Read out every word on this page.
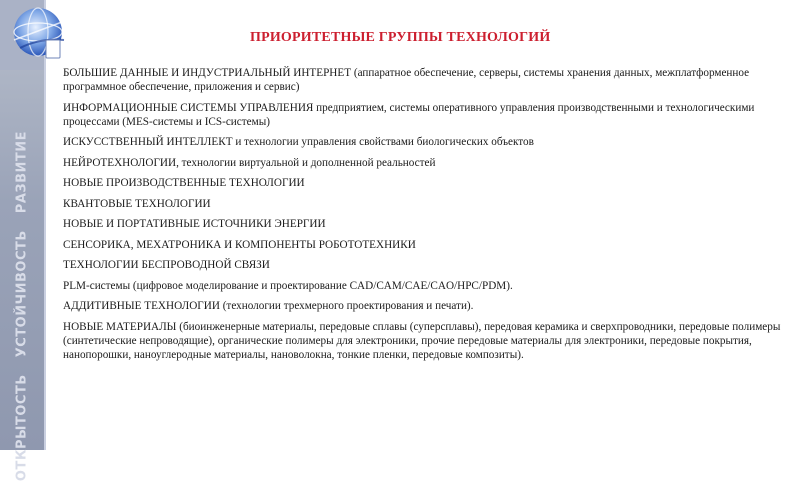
ОТКРЫТОСТЬ УСТОЙЧИВОСТЬ РАЗВИТИЕ
ПРИОРИТЕТНЫЕ ГРУППЫ ТЕХНОЛОГИЙ
БОЛЬШИЕ ДАННЫЕ И ИНДУСТРИАЛЬНЫЙ ИНТЕРНЕТ (аппаратное обеспечение, серверы, системы хранения данных, межплатформенное программное обеспечение, приложения и сервис)
ИНФОРМАЦИОННЫЕ СИСТЕМЫ УПРАВЛЕНИЯ предприятием, системы оперативного управления производственными и технологическими процессами (MES-системы и ICS-системы)
ИСКУССТВЕННЫЙ ИНТЕЛЛЕКТ и технологии управления свойствами биологических объектов
НЕЙРОТЕХНОЛОГИИ, технологии виртуальной и дополненной реальностей
НОВЫЕ ПРОИЗВОДСТВЕННЫЕ ТЕХНОЛОГИИ
КВАНТОВЫЕ ТЕХНОЛОГИИ
НОВЫЕ И ПОРТАТИВНЫЕ ИСТОЧНИКИ ЭНЕРГИИ
СЕНСОРИКА, МЕХАТРОНИКА И КОМПОНЕНТЫ РОБОТОТЕХНИКИ
ТЕХНОЛОГИИ БЕСПРОВОДНОЙ СВЯЗИ
PLM-системы (цифровое моделирование и проектирование CAD/CAM/CAE/CAO/HPC/PDM).
АДДИТИВНЫЕ ТЕХНОЛОГИИ (технологии трехмерного проектирования и печати).
НОВЫЕ МАТЕРИАЛЫ (биоинженерные материалы, передовые сплавы (суперсплавы), передовая керамика и сверхпроводники, передовые полимеры (синтетические непроводящие), органические полимеры для электроники, прочие передовые материалы для электроники, передовые покрытия, нанопорошки, наноуглеродные материалы, нановолокна, тонкие пленки, передовые композиты).
